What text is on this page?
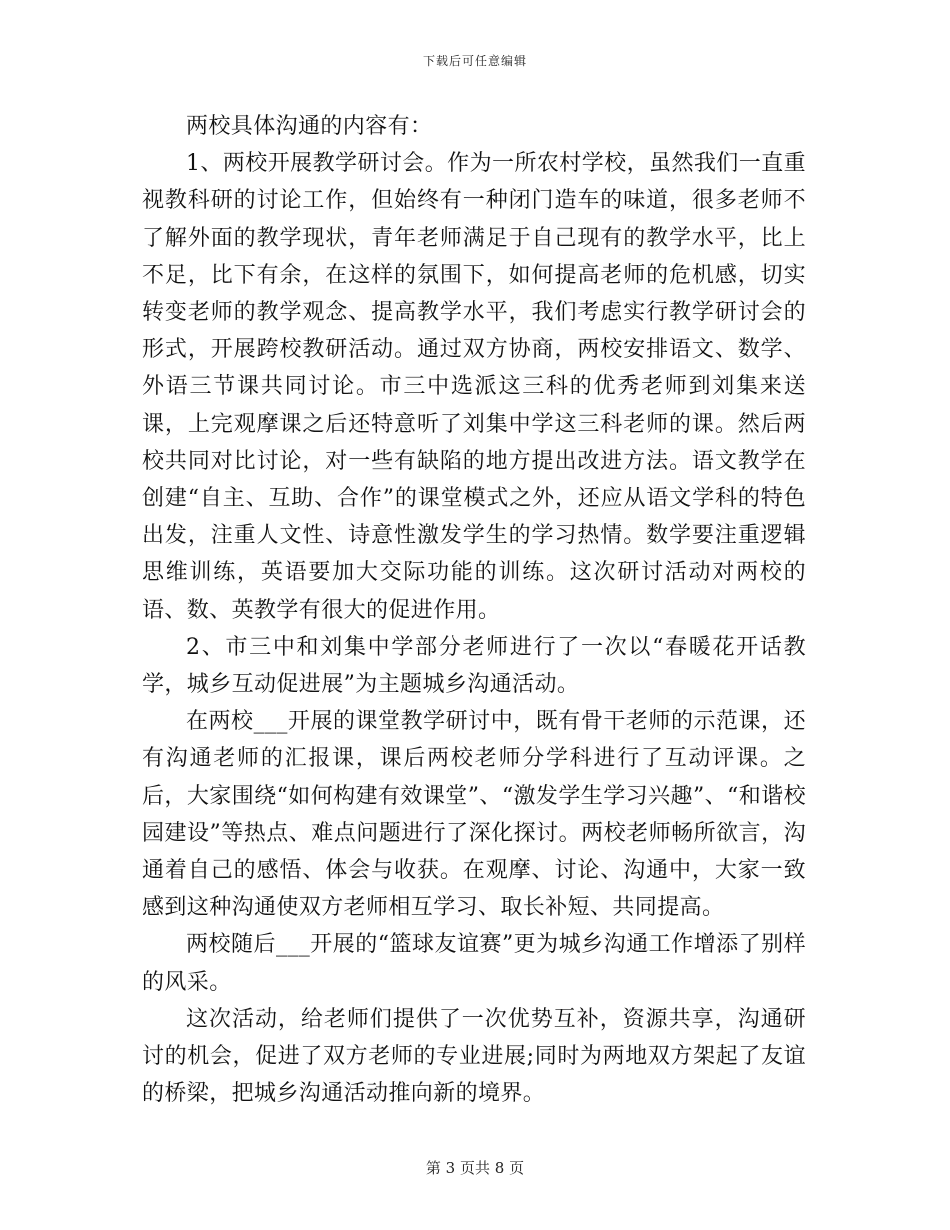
下载后可任意编辑

两校具体沟通的内容有：

1、两校开展教学研讨会。作为一所农村学校，虽然我们一直重视教科研的讨论工作，但始终有一种闭门造车的味道，很多老师不了解外面的教学现状，青年老师满足于自己现有的教学水平，比上不足，比下有余，在这样的氛围下，如何提高老师的危机感，切实转变老师的教学观念、提高教学水平，我们考虑实行教学研讨会的形式，开展跨校教研活动。通过双方协商，两校安排语文、数学、外语三节课共同讨论。市三中选派这三科的优秀老师到刘集来送课，上完观摩课之后还特意听了刘集中学这三科老师的课。然后两校共同对比讨论，对一些有缺陷的地方提出改进方法。语文教学在创建“自主、互助、合作”的课堂模式之外，还应从语文学科的特色出发，注重人文性、诗意性激发学生的学习热情。数学要注重逻辑思维训练，英语要加大交际功能的训练。这次研讨活动对两校的语、数、英教学有很大的促进作用。

2、市三中和刘集中学部分老师进行了一次以“春暖花开话教学，城乡互动促进展”为主题城乡沟通活动。

在两校___开展的课堂教学研讨中，既有骨干老师的示范课，还有沟通老师的汇报课，课后两校老师分学科进行了互动评课。之后，大家围绕“如何构建有效课堂”、“激发学生学习兴趣”、“和谐校园建设”等热点、难点问题进行了深化探讨。两校老师畅所欲言，沟通着自己的感悟、体会与收获。在观摩、讨论、沟通中，大家一致感到这种沟通使双方老师相互学习、取长补短、共同提高。

两校随后___开展的“篮球友谊赛”更为城乡沟通工作增添了别样的风采。

这次活动，给老师们提供了一次优势互补，资源共享，沟通研讨的机会，促进了双方老师的专业进展;同时为两地双方架起了友谊的桥梁，把城乡沟通活动推向新的境界。

第 3 页共 8 页
